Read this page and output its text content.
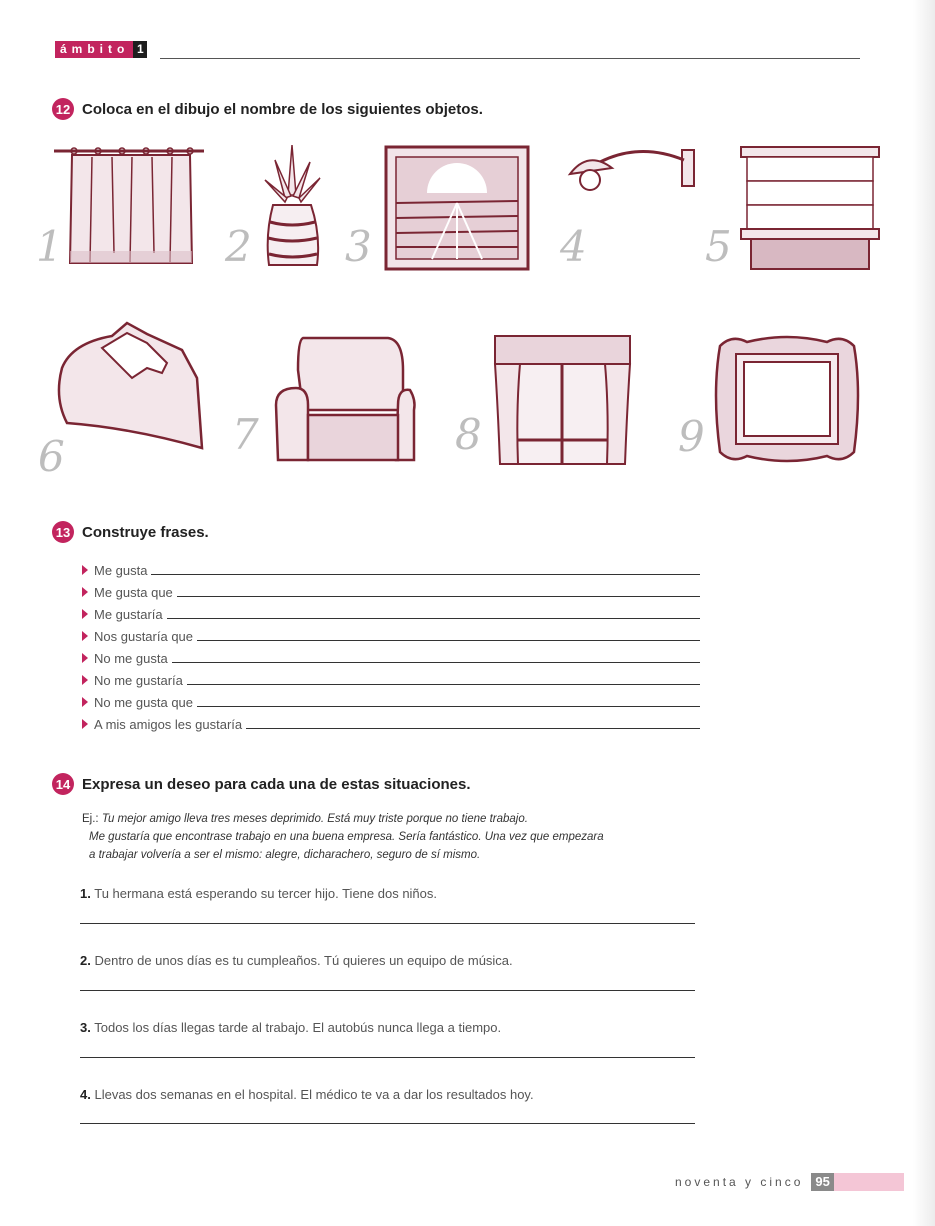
ámbito 1
12 Coloca en el dibujo el nombre de los siguientes objetos.
1	2 3	4	5
6	7	8	9
13 Construye frases.
Me gusta
Me gusta que
Me gustaría
Nos gustaría que
No me gusta
No me gustaría
No me gusta que
A mis amigos les gustaría
14 Expresa un deseo para cada una de estas situaciones.
Ej.: Tu mejor amigo lleva tres meses deprimido. Está muy triste porque no tiene trabajo.
Me gustaría que encontrase trabajo en una buena empresa. Sería fantástico. Una vez que empezara
a trabajar volvería a ser el mismo: alegre, dicharachero, seguro de sí mismo.
1. Tu hermana está esperando su tercer hijo. Tiene dos niños.
2. Dentro de unos días es tu cumpleaños. Tú quieres un equipo de música.
3. Todos los días llegas tarde al trabajo. El autobús nunca llega a tiempo.
4. Llevas dos semanas en el hospital. El médico te va a dar los resultados hoy.
noventa y cinco 95
